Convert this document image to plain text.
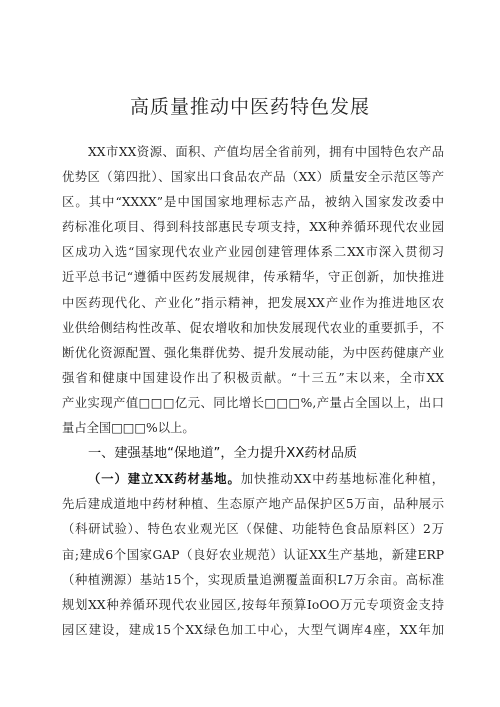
高质量推动中医药特色发展
XX市XX资源、面积、产值均居全省前列，拥有中国特色农产品
优势区（第四批）、国家出口食品农产品（XX）质量安全示范区等产
区。其中“XXXX”是中国国家地理标志产品，被纳入国家发改委中
药标准化项目、得到科技部惠民专项支持，XX种养循环现代农业园
区成功入选“国家现代农业产业园创建管理体系二XX市深入贯彻习
近平总书记“遵循中医药发展规律，传承精华，守正创新，加快推进
中医药现代化、产业化”指示精神，把发展XX产业作为推进地区农
业供给侧结构性改革、促农增收和加快发展现代农业的重要抓手，不
断优化资源配置、强化集群优势、提升发展动能，为中医药健康产业
强省和健康中国建设作出了积极贡献。“十三五”末以来，全市XX
产业实现产值□□□亿元、同比增长□□□%,产量占全国以上，出口
量占全国□□□%以上。
一、建强基地“保地道”，全力提升XX药材品质
（一）建立XX药材基地。加快推动XX中药基地标准化种植，
先后建成道地中药材种植、生态原产地产品保护区5万亩，品种展示
（科研试验）、特色农业观光区（保健、功能特色食品原料区）2万
亩;建成6个国家GAP（良好农业规范）认证XX生产基地，新建ERP
（种植溯源）基站15个，实现质量追溯覆盖面积L7万余亩。高标准
规划XX种养循环现代农业园区,按每年预算IoOO万元专项资金支持
园区建设，建成15个XX绿色加工中心，大型气调库4座，XX年加
